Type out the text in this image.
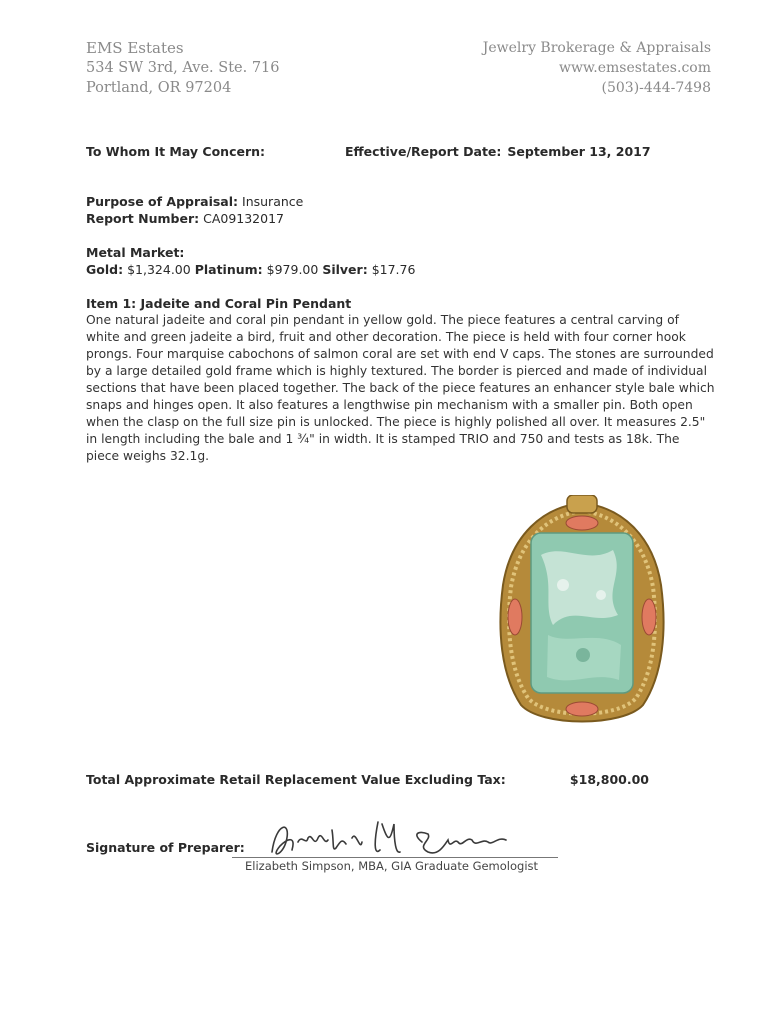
EMS Estates
534 SW 3rd, Ave. Ste. 716
Portland, OR 97204
Jewelry Brokerage & Appraisals
www.emsestates.com
(503)-444-7498
To Whom It May Concern:	Effective/Report Date: September 13, 2017
Purpose of Appraisal: Insurance
Report Number: CA09132017
Metal Market:
Gold: $1,324.00 Platinum: $979.00 Silver: $17.76
Item 1: Jadeite and Coral Pin Pendant
One natural jadeite and coral pin pendant in yellow gold. The piece features a central carving of white and green jadeite a bird, fruit and other decoration. The piece is held with four corner hook prongs. Four marquise cabochons of salmon coral are set with end V caps. The stones are surrounded by a large detailed gold frame which is highly textured. The border is pierced and made of individual sections that have been placed together. The back of the piece features an enhancer style bale which snaps and hinges open. It also features a lengthwise pin mechanism with a smaller pin. Both open when the clasp on the full size pin is unlocked. The piece is highly polished all over. It measures 2.5" in length including the bale and 1 ¾" in width. It is stamped TRIO and 750 and tests as 18k. The piece weighs 32.1g.
Total Approximate Retail Replacement Value Excluding Tax:	$18,800.00
Signature of Preparer:
Elizabeth Simpson, MBA, GIA Graduate Gemologist
